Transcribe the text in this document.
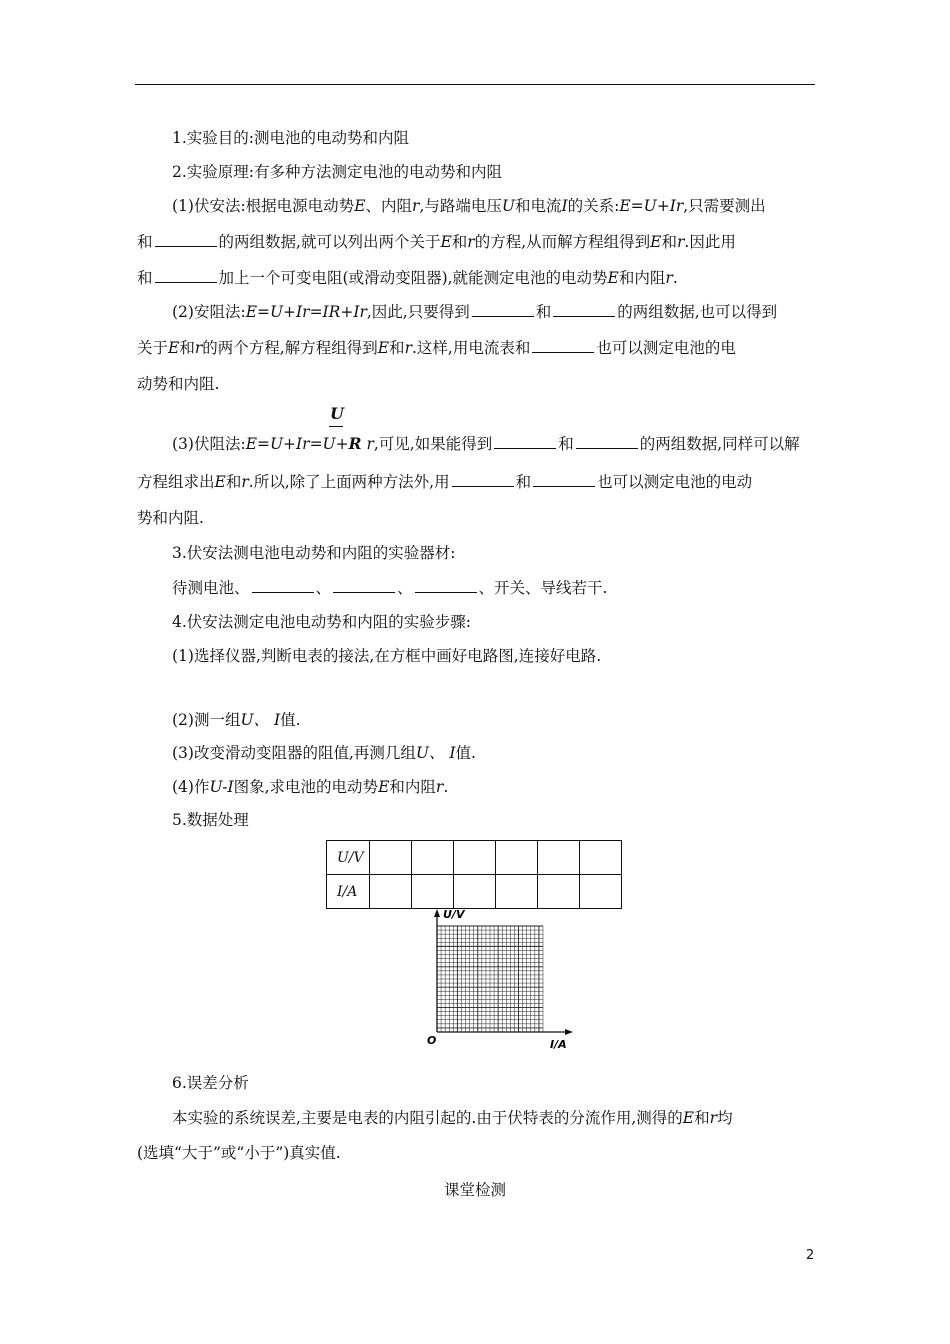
1.实验目的:测电池的电动势和内阻
2.实验原理:有多种方法测定电池的电动势和内阻
(1)伏安法:根据电源电动势E、内阻r,与路端电压U和电流I的关系:E=U+Ir,只需要测出
和	的两组数据,就可以列出两个关于E和r的方程,从而解方程组得到E和r.因此用
和	加上一个可变电阻(或滑动变阻器),就能测定电池的电动势E和内阻r.
(2)安阻法:E=U+Ir=IR+Ir,因此,只要得到	和	的两组数据,也可以得到
关于E和r的两个方程,解方程组得到E和r.这样,用电流表和	也可以测定电池的电
动势和内阻.
U
(3)伏阻法:E=U+Ir=U+R r,可见,如果能得到	和	的两组数据,同样可以解
方程组求出E和r.所以,除了上面两种方法外,用	和	也可以测定电池的电动
势和内阻.
3.伏安法测电池电动势和内阻的实验器材:
待测电池、	、	、	、开关、导线若干.
4.伏安法测定电池电动势和内阻的实验步骤:
(1)选择仪器,判断电表的接法,在方框中画好电路图,连接好电路.
(2)测一组U、 I值.
(3)改变滑动变阻器的阻值,再测几组U、 I值.
(4)作U-I图象,求电池的电动势E和内阻r.
5.数据处理
U/V						
I/A						
U/V
I/A
O
6.误差分析
本实验的系统误差,主要是电表的内阻引起的.由于伏特表的分流作用,测得的E和r均
(选填“大于”或“小于”)真实值.
课堂检测
2
